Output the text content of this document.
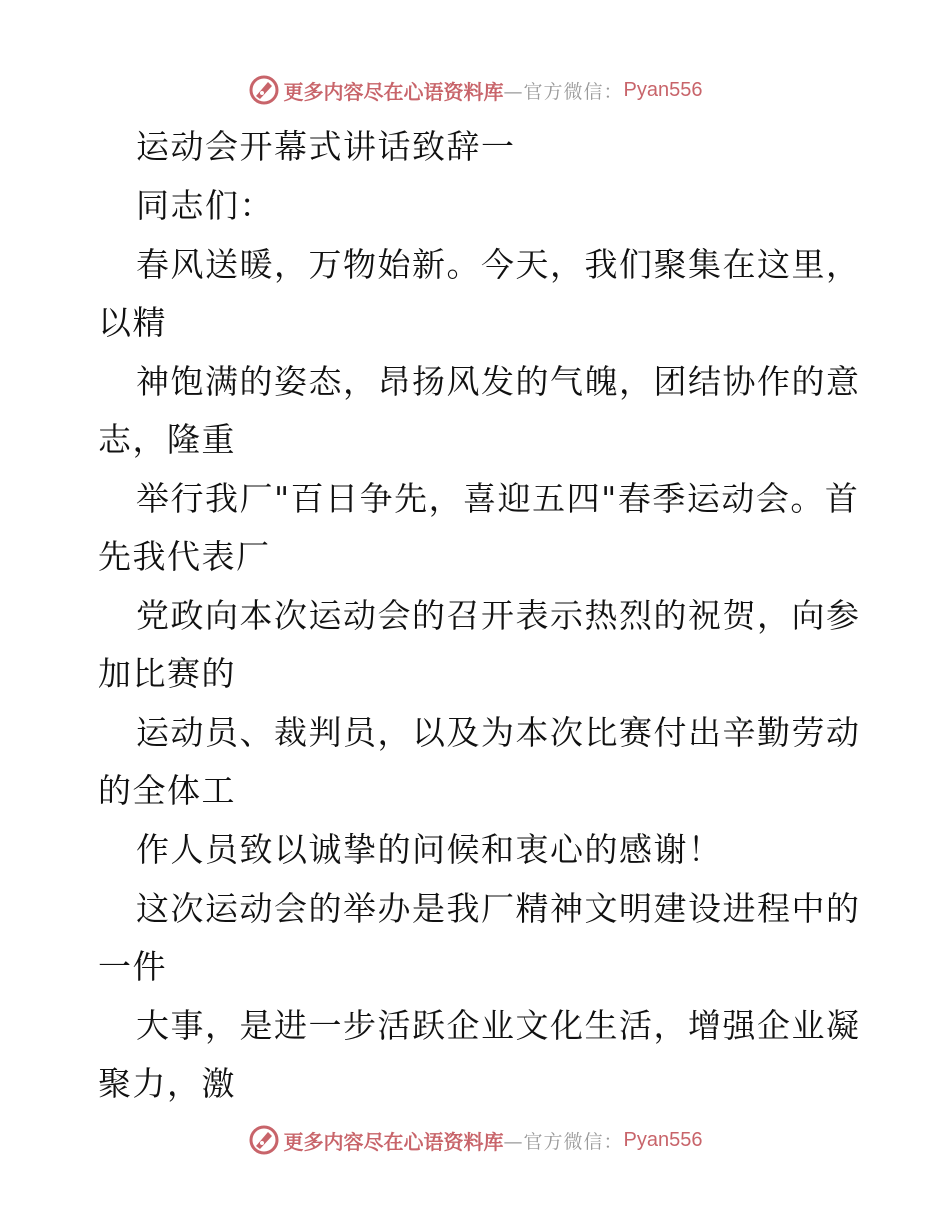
更多内容尽在心语资料库 —官方微信： Pyan556
运动会开幕式讲话致辞一
同志们：
春风送暖，万物始新。今天，我们聚集在这里，
以精
神饱满的姿态，昂扬风发的气魄，团结协作的意
志，隆重
举行我厂"百日争先，喜迎五四"春季运动会。首
先我代表厂
党政向本次运动会的召开表示热烈的祝贺，向参
加比赛的
运动员、裁判员，以及为本次比赛付出辛勤劳动
的全体工
作人员致以诚挚的问候和衷心的感谢！
这次运动会的举办是我厂精神文明建设进程中的
一件
大事，是进一步活跃企业文化生活，增强企业凝
聚力，激
更多内容尽在心语资料库 —官方微信： Pyan556
